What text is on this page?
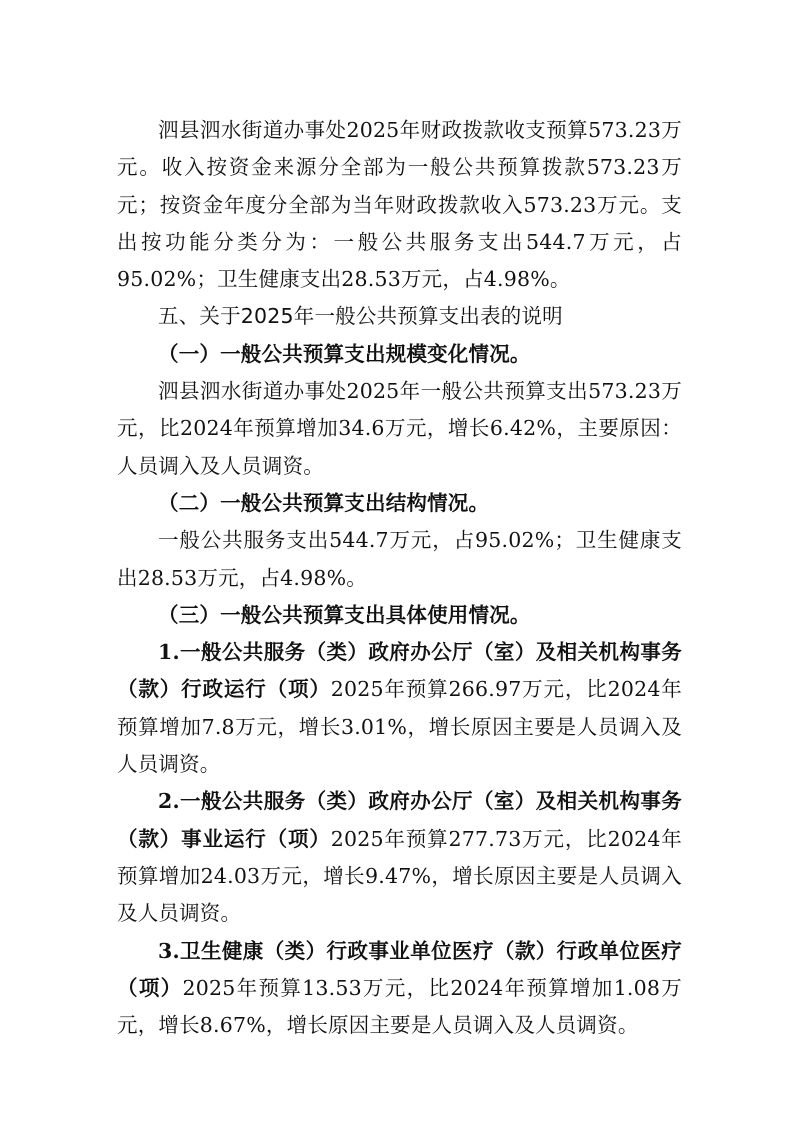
泗县泗水街道办事处2025年财政拨款收支预算573.23万元。收入按资金来源分全部为一般公共预算拨款573.23万元；按资金年度分全部为当年财政拨款收入573.23万元。支出按功能分类分为：一般公共服务支出544.7万元，占95.02%；卫生健康支出28.53万元，占4.98%。

五、关于2025年一般公共预算支出表的说明

（一）一般公共预算支出规模变化情况。

泗县泗水街道办事处2025年一般公共预算支出573.23万元，比2024年预算增加34.6万元，增长6.42%，主要原因：人员调入及人员调资。

（二）一般公共预算支出结构情况。

一般公共服务支出544.7万元，占95.02%；卫生健康支出28.53万元，占4.98%。

（三）一般公共预算支出具体使用情况。

1.一般公共服务（类）政府办公厅（室）及相关机构事务（款）行政运行（项）2025年预算266.97万元，比2024年预算增加7.8万元，增长3.01%，增长原因主要是人员调入及人员调资。

2.一般公共服务（类）政府办公厅（室）及相关机构事务（款）事业运行（项）2025年预算277.73万元，比2024年预算增加24.03万元，增长9.47%，增长原因主要是人员调入及人员调资。

3.卫生健康（类）行政事业单位医疗（款）行政单位医疗（项）2025年预算13.53万元，比2024年预算增加1.08万元，增长8.67%，增长原因主要是人员调入及人员调资。
